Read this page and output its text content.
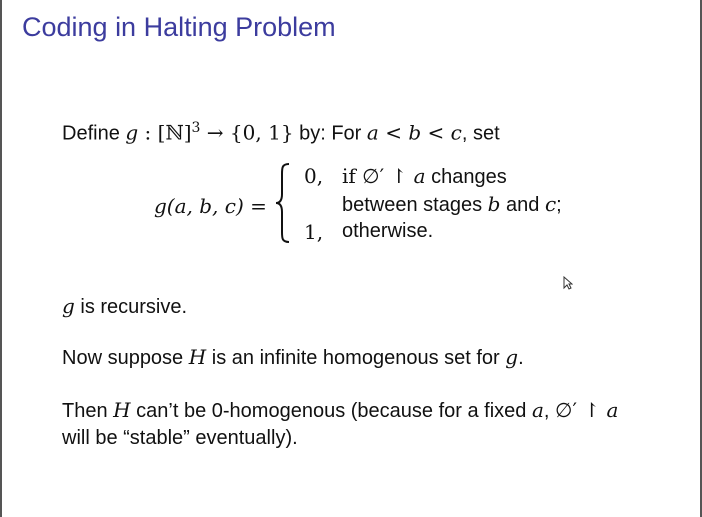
Coding in Halting Problem
Define g : [ℕ]$^3$ → {0, 1} by: For a < b < c, set
g(a, b, c) =
0, if ∅′ ↾ a changes
between stages b and c;
1, otherwise.
g is recursive.
Now suppose H is an infinite homogenous set for g.
Then H can’t be 0-homogenous (because for a fixed a, ∅′ ↾ a
will be “stable” eventually).
